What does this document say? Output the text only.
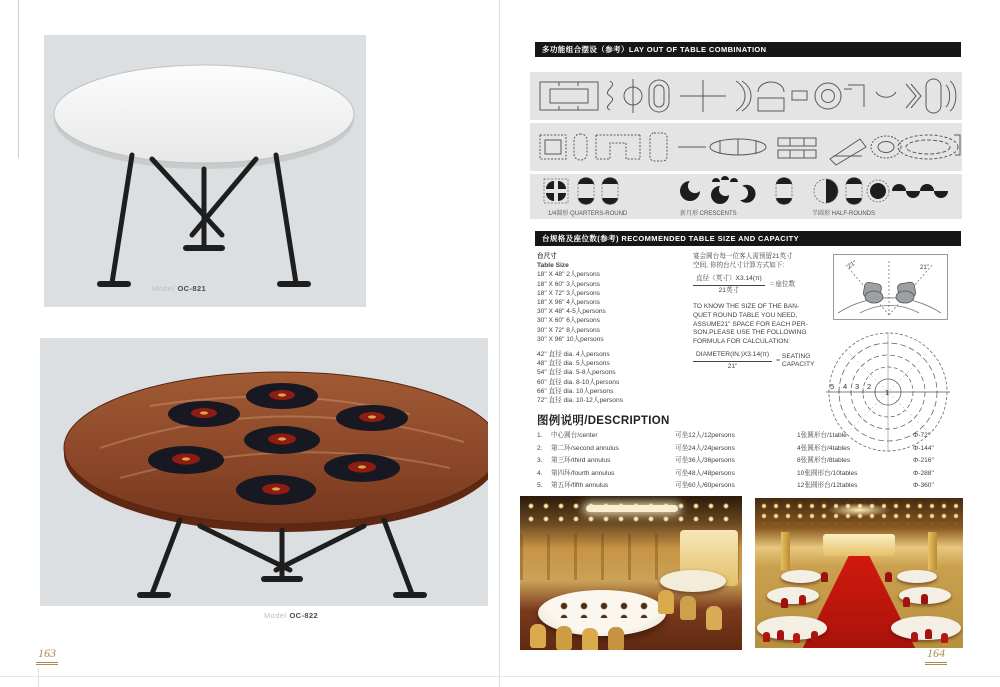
Model OC-821
Model OC-822
163
多功能组合摆设（参考）LAY OUT OF TABLE COMBINATION
1/4圆形 QUARTERS-ROUND	新月形 CRESCENTS	半圆形 HALF-ROUNDS
台规格及座位数(参考) RECOMMENDED TABLE SIZE AND CAPACITY
台尺寸
Table Size
18" X 48" 2人persons
18" X 60" 3人persons
18" X 72" 3人persons
18" X 96" 4人persons
30" X 48" 4-5人persons
30" X 60" 6人persons
30" X 72" 8人persons
30" X 96" 10人persons
42" 直径 dia. 4人persons
48" 直径 dia. 5人persons
54" 直径 dia. 5-8人persons
60" 直径 dia. 8-10人persons
66" 直径 dia. 10人persons
72" 直径 dia. 10-12人persons
宴会圆台每一位客人需预留21英寸
空间, 你的台尺寸计算方式如下:
$\frac{\text{直径（英寸）X3.14(π)}}{\text{21英寸}}$ ＝座位数
TO KNOW THE SIZE OF THE BAN-
QUET ROUND TABLE YOU NEED,
ASSUME21" SPACE FOR EACH PER-
SON.PLEASE USE THE FOLLOWING
FORMULA FOR CALCULATION:
$\frac{\text{DIAMETER(IN.)X3.14(π)}}{21"}$ =
SEATING
CAPACITY
21"	21"
5 4 3 2
1
图例说明/DESCRIPTION
1.	中心圆台/center	可坐12人/12persons	1张圆形台/1table	Φ-72"
2.	第二环/second annulus	可坐24人/24persons	4张圆形台/4tables	Φ-144"
3.	第三环/third annulus	可坐36人/36persons	8张圆形台/8tables	Φ-216"
4.	第四环/fourth annulus	可坐48人/48persons	10张圆形台/10tables	Φ-288"
5.	第五环/fifth annulus	可坐60人/60persons	12张圆形台/12tables	Φ-360"
164
